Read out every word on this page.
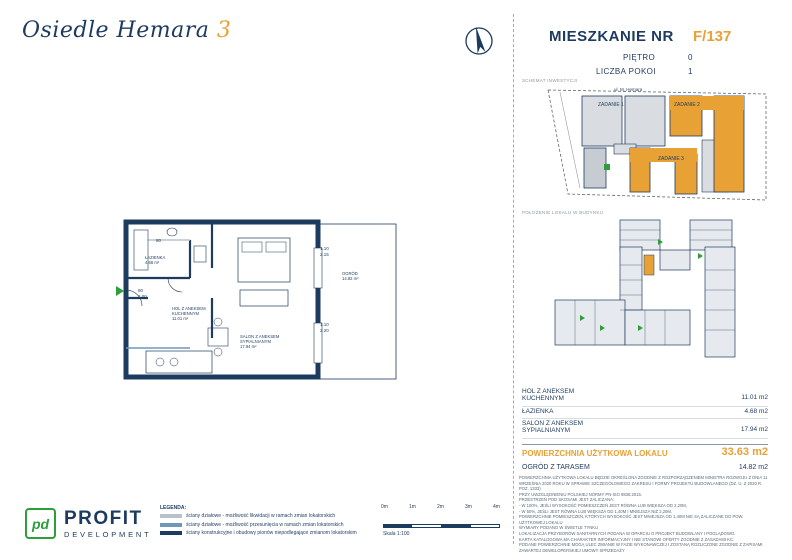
Osiedle Hemara 3	MIESZKANIE NR F/137
PIĘTRO	0
LICZBA POKOI	1
SCHEMAT INWESTYCJI
ul. M. Hemara
ZADANIE 1	ZADANIE 2
ZADANIE 3
POŁOŻENIE LOKALU W BUDYNKU
HOL Z ANEKSEM KUCHENNYM	11.01 m2
ŁAZIENKA	4.68 m2
SALON Z ANEKSEM SYPIALNIANYM	17.94 m2
POWIERZCHNIA UŻYTKOWA LOKALU	33.63 m2
OGRÓD Z TARASEM	14.82 m2
POWIERZCHNIA UŻYTKOWA LOKALU BĘDZIE OKREŚLONA ZGODNIE Z ROZPORZĄDZENIEM MINISTRA ROZWOJU Z DNIA 11
WRZEŚNIA 2020 ROKU W SPRAWIE SZCZEGÓŁOWEGO ZAKRESU I FORMY PROJEKTU BUDOWLANEGO (DZ. U. Z 2020 R. POZ. 1333)
PRZY UWZGLĘDNIENIU POLSKIEJ NORMY PN-ISO 9836:2015.
PRZESTRZEŃ POD SKOSAMI JEST ZALICZANA:
- W 100%, JEŚLI WYSOKOŚĆ POMIESZCZEŃ JEST RÓWNA LUB WIĘKSZA OD 2,20M,
- W 50%, JEŚLI JEST RÓWNA LUB WIĘKSZA OD 1,40M I MNIEJSZA NIŻ 2,20M.
POWIERZCHNIE POMIESZCZEŃ, KTÓRYCH WYSOKOŚĆ JEST MNIEJSZA OD 1,40M NIE SĄ ZALICZANE DO POW. UŻYTKOWEJ LOKALU
WYMIARY PODANO W ŚWIETLE TYNKU
LOKALIZACJA PRZYBORÓW SANITARNYCH PODANA W OPARCIU O PROJEKT BUDOWLANY I POGLĄDOWO.
KARTA KATALOGOWA MA CHARAKTER INFORMACYJNY I NIE STANOWI OFERTY ZGODNIE Z ZASADAMI KC.
PODANE POWIERZCHNIE MOGĄ ULEC ZMIANIE W FAZIE WYKONAWCZEJ I ZOSTANĄ ROZLICZONE ZGODNIE Z ZAPISAMI
ZAWARTEJ DEWELOPERSKIEJ UMOWY SPRZEDAŻY
1.10
2.15
1.10
2.20
90
2.00
80
ŁAZIENKA
4.68 m²
HOL Z ANEKSEM KUCHENNYM
11.01 m²
SALON Z ANEKSEM SYPIALNIANYM
17.94 m²
OGRÓD
14.82 m²
pd PROFIT
DEVELOPMENT
LEGENDA:
ściany działowe - możliwość likwidacji w ramach zmian lokatorskich
ściany działowe - możliwość przesunięcia w ramach zmian lokatorskich
ściany konstrukcyjne i obudowy pionów niepodlegające zmianom lokatorskim
0m	1m	2m	3m	4m
Skala 1:100
